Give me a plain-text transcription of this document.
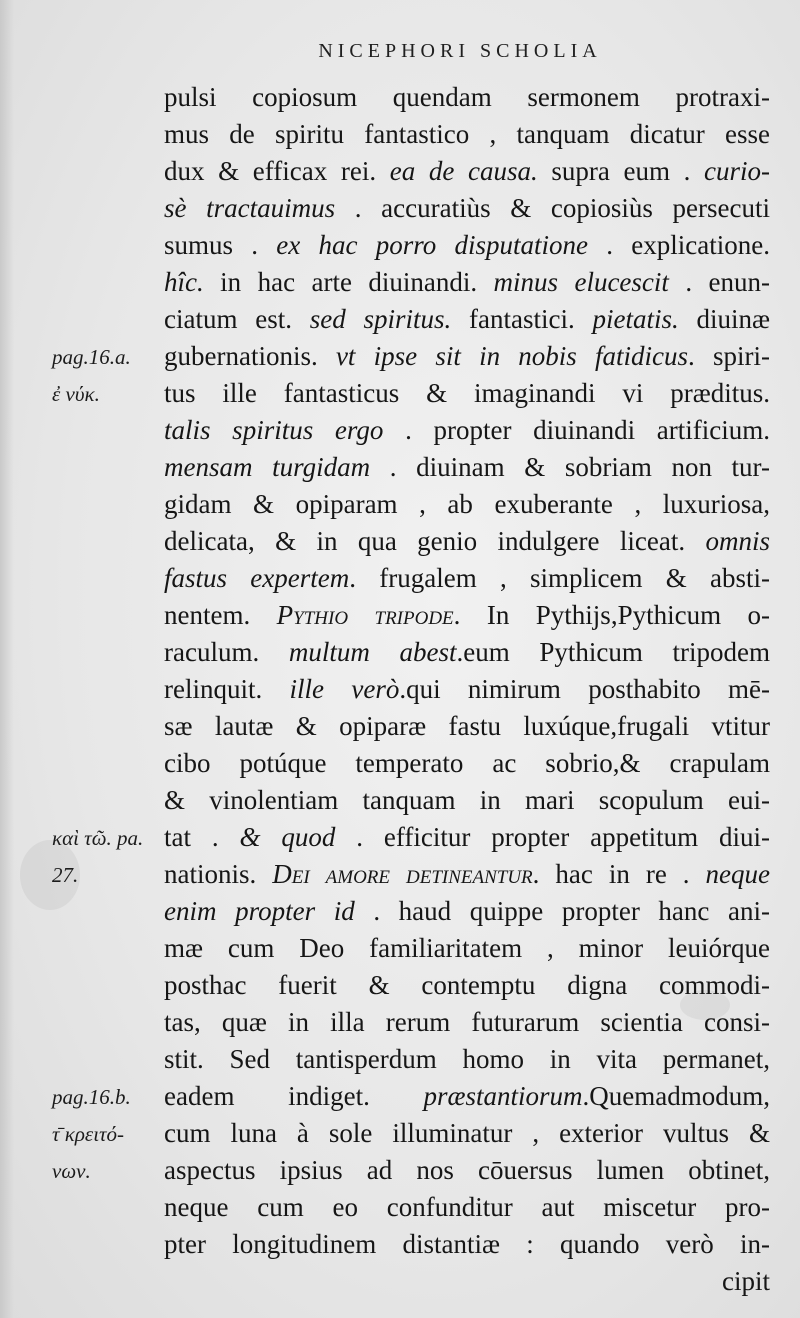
NICEPHORI SCHOLIA
pulsi copiosum quendam sermonem protraxi-
mus de spiritu fantastico , tanquam dicatur esse
dux & efficax rei. ea de causa. supra eum . curio-
sè tractauimus . accuratiùs & copiosiùs persecuti
sumus . ex hac porro disputatione . explicatione.
hîc. in hac arte diuinandi. minus elucescit . enun-
ciatum est. sed spiritus. fantastici. pietatis. diuinæ
gubernationis. vt ipse sit in nobis fatidicus. spiri-
tus ille fantasticus & imaginandi vi præditus.
talis spiritus ergo . propter diuinandi artificium.
mensam turgidam . diuinam & sobriam non tur-
gidam & opiparam , ab exuberante , luxuriosa,
delicata, & in qua genio indulgere liceat. omnis
fastus expertem. frugalem , simplicem & absti-
nentem. Pythio tripode. In Pythijs,Pythicum o-
raculum. multum abest.eum Pythicum tripodem
relinquit. ille verò.qui nimirum posthabito mē-
sæ lautæ & opiparæ fastu luxúque,frugali vtitur
cibo potúque temperato ac sobrio,& crapulam
& vinolentiam tanquam in mari scopulum eui-
tat . & quod . efficitur propter appetitum diui-
nationis. Dei amore detineantur. hac in re . neque
enim propter id . haud quippe propter hanc ani-
mæ cum Deo familiaritatem , minor leuiórque
posthac fuerit & contemptu digna commodi-
tas, quæ in illa rerum futurarum scientia consi-
stit. Sed tantisperdum homo in vita permanet,
eadem indiget. præstantiorum.Quemadmodum,
cum luna à sole illuminatur , exterior vultus &
aspectus ipsius ad nos cōuersus lumen obtinet,
neque cum eo confunditur aut miscetur pro-
pter longitudinem distantiæ : quando verò in-
cipit
pag.16.a.
ἐ νύκ.
καὶ τῶ. pa.
27.
pag.16.b.
τ̄ κρειτό-
νων.
